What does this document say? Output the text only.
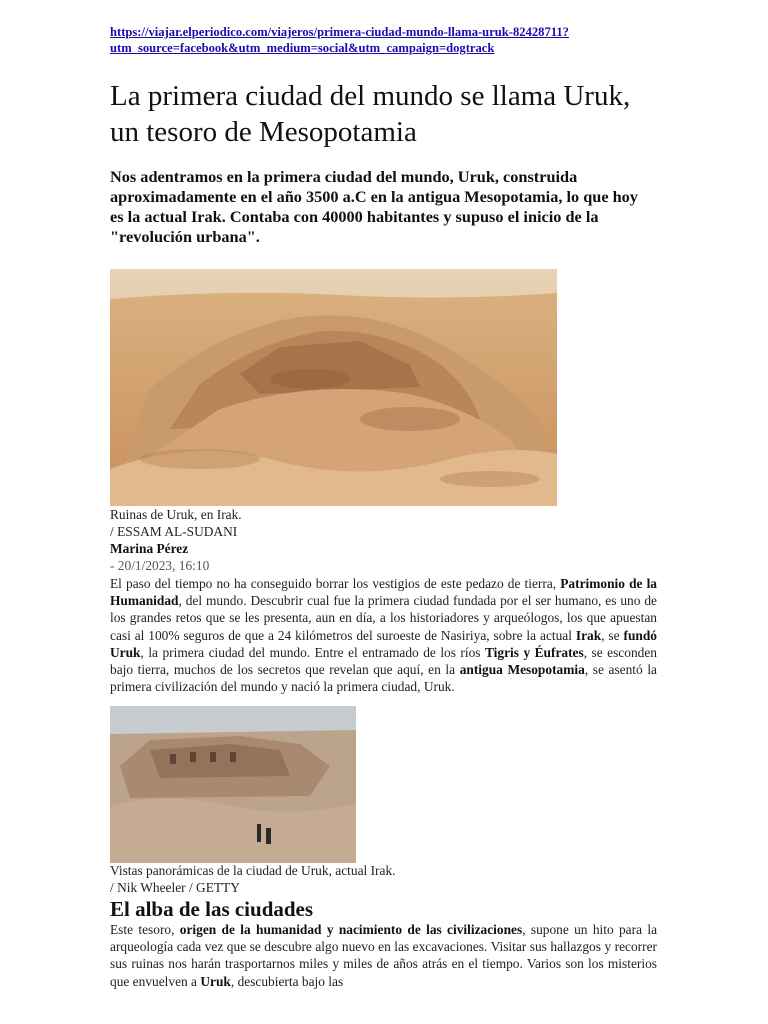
https://viajar.elperiodico.com/viajeros/primera-ciudad-mundo-llama-uruk-82428711?
utm_source=facebook&utm_medium=social&utm_campaign=dogtrack
La primera ciudad del mundo se llama Uruk, un tesoro de Mesopotamia

Nos adentramos en la primera ciudad del mundo, Uruk, construida aproximadamente en el año 3500 a.C en la antigua Mesopotamia, lo que hoy es la actual Irak. Contaba con 40000 habitantes y supuso el inicio de la "revolución urbana".

Ruinas de Uruk, en Irak.
/ ESSAM AL-SUDANI
Marina Pérez
- 20/1/2023, 16:10

El paso del tiempo no ha conseguido borrar los vestigios de este pedazo de tierra, Patrimonio de la Humanidad, del mundo. Descubrir cual fue la primera ciudad fundada por el ser humano, es uno de los grandes retos que se les presenta, aun en día, a los historiadores y arqueólogos, los que apuestan casi al 100% seguros de que a 24 kilómetros del suroeste de Nasiriya, sobre la actual Irak, se fundó Uruk, la primera ciudad del mundo. Entre el entramado de los ríos Tigris y Éufrates, se esconden bajo tierra, muchos de los secretos que revelan que aquí, en la antigua Mesopotamia, se asentó la primera civilización del mundo y nació la primera ciudad, Uruk.

Vistas panorámicas de la ciudad de Uruk, actual Irak.
/ Nik Wheeler / GETTY
El alba de las ciudades

Este tesoro, origen de la humanidad y nacimiento de las civilizaciones, supone un hito para la arqueología cada vez que se descubre algo nuevo en las excavaciones. Visitar sus hallazgos y recorrer sus ruinas nos harán trasportarnos miles y miles de años atrás en el tiempo. Varios son los misterios que envuelven a Uruk, descubierta bajo las
